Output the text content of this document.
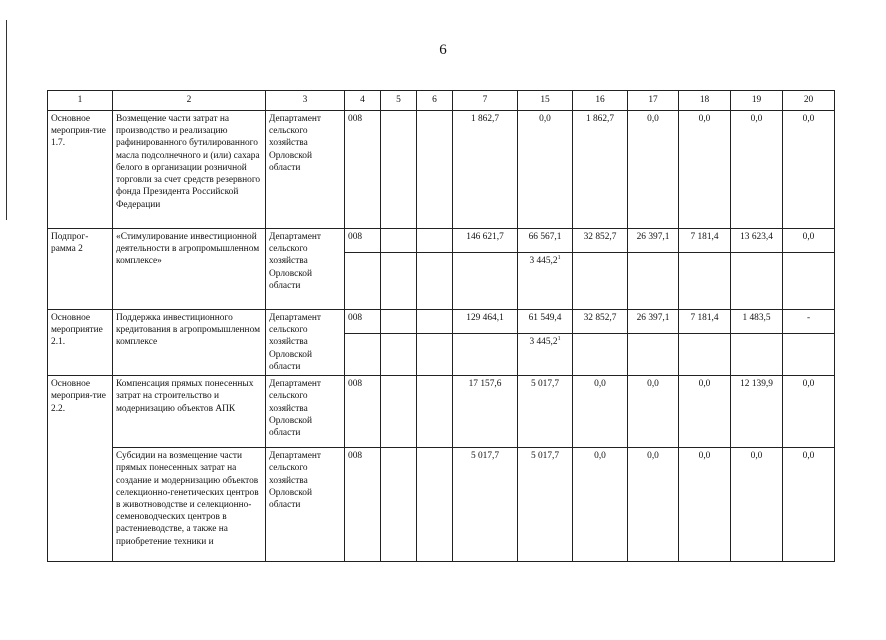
6
1	2	3	4	5	6	7	15	16	17	18	19	20
Основное мероприя-тие 1.7.	Возмещение части затрат на производство и реализацию рафинированного бутилированного масла подсолнечного и (или) сахара белого в организации розничной торговли за счет средств резервного фонда Президента Российской Федерации	Департамент сельского хозяйства Орловской области	008			1 862,7	0,0	1 862,7	0,0	0,0	0,0	0,0
Подпрог-рамма 2	«Стимулирование инвестиционной деятельности в агропромышленном комплексе»	Департамент сельского хозяйства Орловской области	008			146 621,7	66 567,1	32 852,7	26 397,1	7 181,4	13 623,4	0,0
							3 445,2$^1$					
Основное мероприятие 2.1.	Поддержка инвестиционного кредитования в агропромышленном комплексе	Департамент сельского хозяйства Орловской области	008			129 464,1	61 549,4	32 852,7	26 397,1	7 181,4	1 483,5	-
							3 445,2$^1$					
Основное мероприя-тие 2.2.	Компенсация прямых понесенных затрат на строительство и модернизацию объектов АПК	Департамент сельского хозяйства Орловской области	008			17 157,6	5 017,7	0,0	0,0	0,0	12 139,9	0,0
	Субсидии на возмещение части прямых понесенных затрат на создание и модернизацию объектов селекционно-генетических центров в животноводстве и селекционно-семеноводческих центров в растениеводстве, а также на приобретение техники и	Департамент сельского хозяйства Орловской области	008			5 017,7	5 017,7	0,0	0,0	0,0	0,0	0,0
